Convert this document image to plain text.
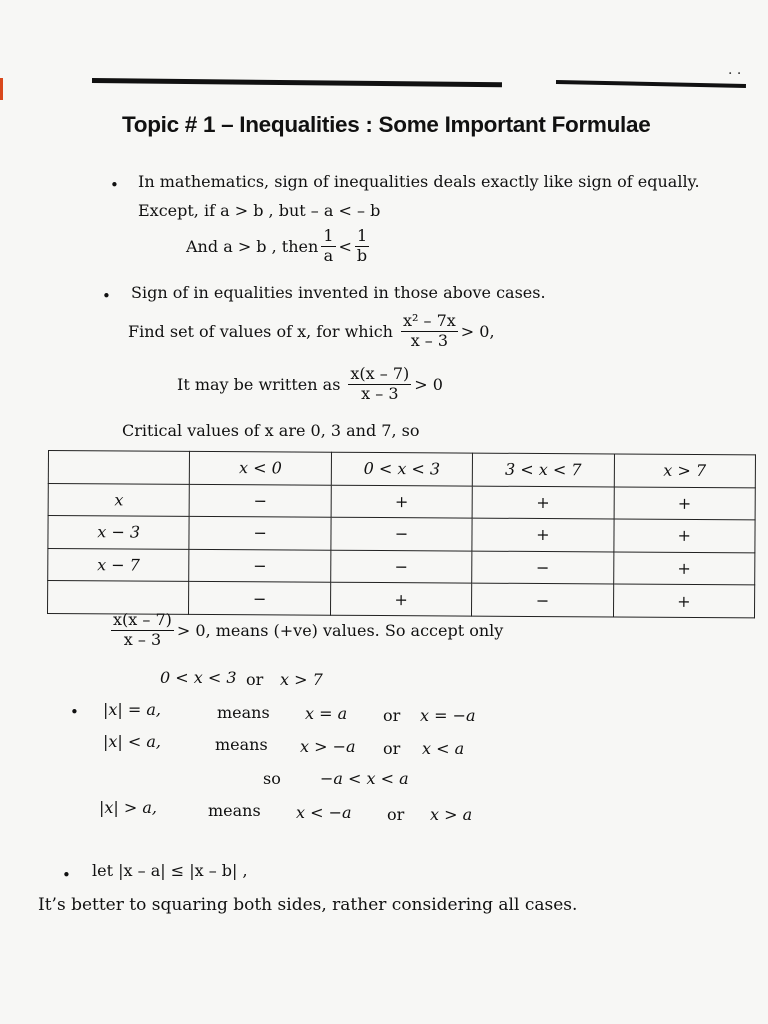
· ·
Topic # 1 – Inequalities : Some Important Formulae
• In mathematics, sign of inequalities deals exactly like sign of equally.
Except, if a > b , but – a < – b
And a > b , then $\frac{1}{a} < \frac{1}{b}$
• Sign of in equalities invented in those above cases.
Find set of values of x, for which $\frac{\text{x² – 7x}}{x - 3} > 0$,
It may be written as $\frac{x(x - 7)}{x - 3} > 0$
Critical values of x are 0, 3 and 7, so
	x < 0	0 < x < 3	3 < x < 7	x > 7
x	−	+	+	+
x − 3	−	−	+	+
x − 7	−	−	−	+
	−	+	−	+
$\frac{x(x - 7)}{x - 3} > 0$, means (+ve) values. So accept only
0 < x < 3 or x > 7
• |x| = a,	means x = a or x = −a
|x| < a,	means x > −a or x < a
so −a < x < a
|x| > a,	means x < −a or x > a
• let |x – a| ≤ |x – b| ,
It’s better to squaring both sides, rather considering all cases.
